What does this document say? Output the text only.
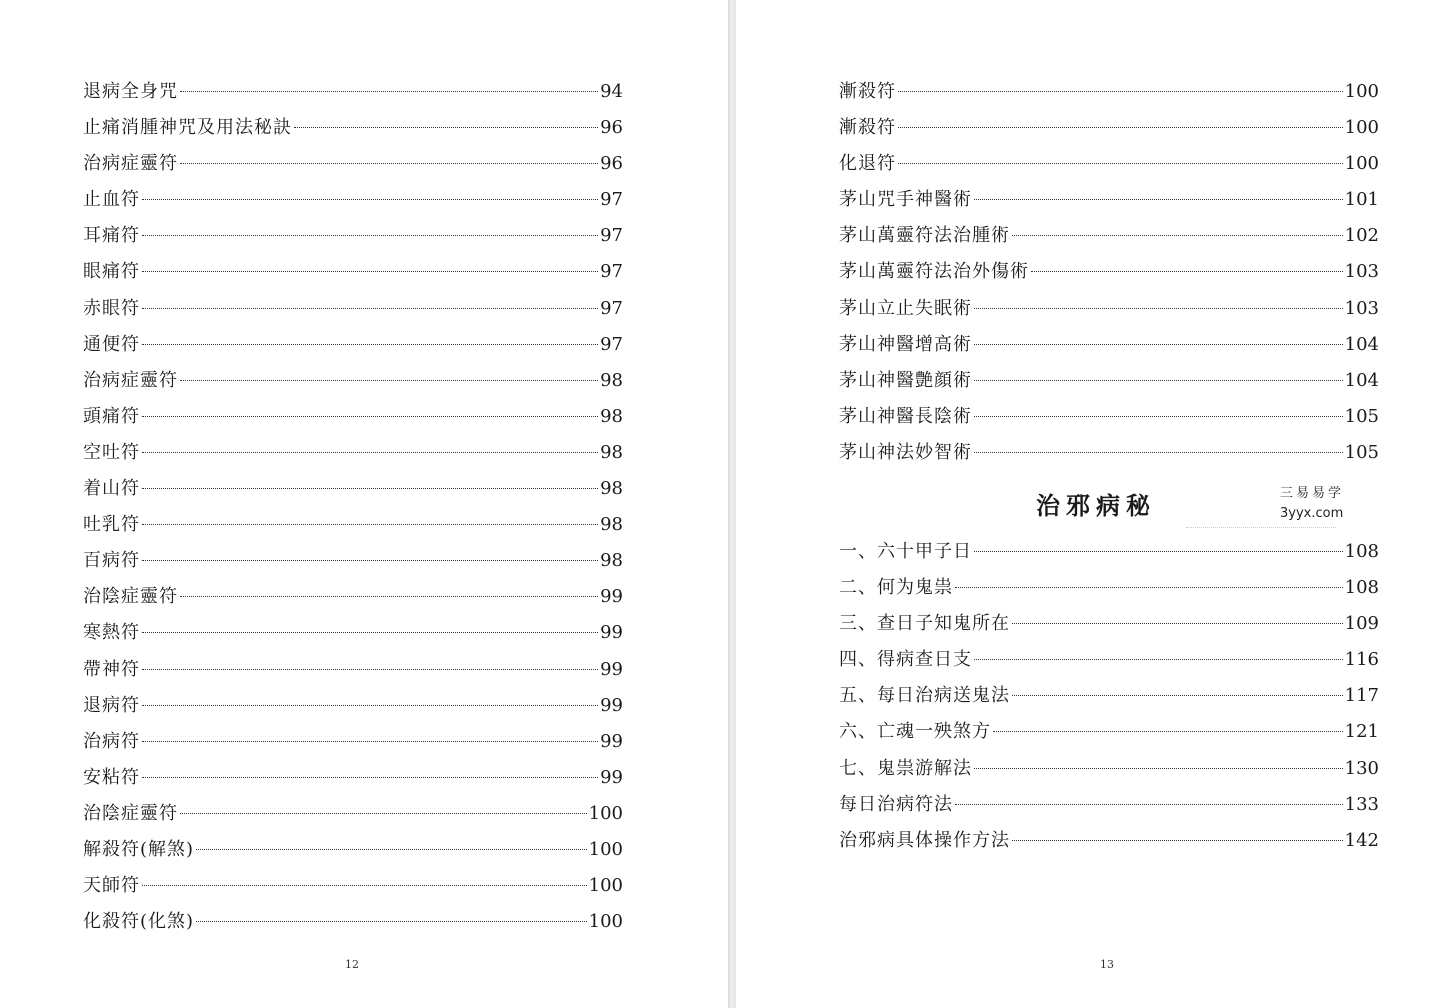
退病全身咒	94
止痛消腫神咒及用法秘訣	96
治病症靈符	96
止血符	97
耳痛符	97
眼痛符	97
赤眼符	97
通便符	97
治病症靈符	98
頭痛符	98
空吐符	98
着山符	98
吐乳符	98
百病符	98
治陰症靈符	99
寒熱符	99
帶神符	99
退病符	99
治病符	99
安粘符	99
治陰症靈符	100
解殺符(解煞)	100
天師符	100
化殺符(化煞)	100
12
漸殺符	100
漸殺符	100
化退符	100
茅山咒手神醫術	101
茅山萬靈符法治腫術	102
茅山萬靈符法治外傷術	103
茅山立止失眠術	103
茅山神醫增高術	104
茅山神醫艶顔術	104
茅山神醫長陰術	105
茅山神法妙智術	105
治邪病秘	三易易学
3yyx.com
一、六十甲子日	108
二、何为鬼祟	108
三、查日子知鬼所在	109
四、得病查日支	116
五、每日治病送鬼法	117
六、亡魂一殃煞方	121
七、鬼祟游解法	130
每日治病符法	133
治邪病具体操作方法	142
13
